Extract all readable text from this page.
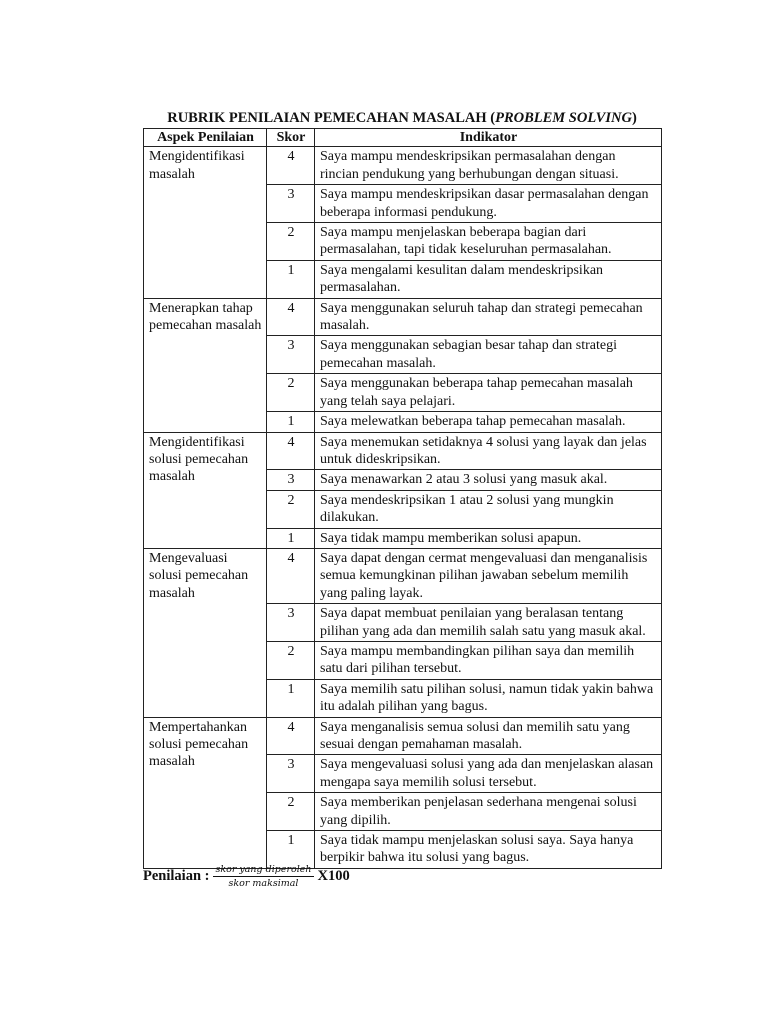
RUBRIK PENILAIAN PEMECAHAN MASALAH (PROBLEM SOLVING)
Aspek Penilaian	Skor	Indikator
Mengidentifikasi masalah	4	Saya mampu mendeskripsikan permasalahan dengan rincian pendukung yang berhubungan dengan situasi.
	3	Saya mampu mendeskripsikan dasar permasalahan dengan beberapa informasi pendukung.
	2	Saya mampu menjelaskan beberapa bagian dari permasalahan, tapi tidak keseluruhan permasalahan.
	1	Saya mengalami kesulitan dalam mendeskripsikan permasalahan.
Menerapkan tahap pemecahan masalah	4	Saya menggunakan seluruh tahap dan strategi pemecahan masalah.
	3	Saya menggunakan sebagian besar tahap dan strategi pemecahan masalah.
	2	Saya menggunakan beberapa tahap pemecahan masalah yang telah saya pelajari.
	1	Saya melewatkan beberapa tahap pemecahan masalah.
Mengidentifikasi solusi pemecahan masalah	4	Saya menemukan setidaknya 4 solusi yang layak dan jelas untuk dideskripsikan.
	3	Saya menawarkan 2 atau 3 solusi yang masuk akal.
	2	Saya mendeskripsikan 1 atau 2 solusi yang mungkin dilakukan.
	1	Saya tidak mampu memberikan solusi apapun.
Mengevaluasi solusi pemecahan masalah	4	Saya dapat dengan cermat mengevaluasi dan menganalisis semua kemungkinan pilihan jawaban sebelum memilih yang paling layak.
	3	Saya dapat membuat penilaian yang beralasan tentang pilihan yang ada dan memilih salah satu yang masuk akal.
	2	Saya mampu membandingkan pilihan saya dan memilih satu dari pilihan tersebut.
	1	Saya memilih satu pilihan solusi, namun tidak yakin bahwa itu adalah pilihan yang bagus.
Mempertahankan solusi pemecahan masalah	4	Saya menganalisis semua solusi dan memilih satu yang sesuai dengan pemahaman masalah.
	3	Saya mengevaluasi solusi yang ada dan menjelaskan alasan mengapa saya memilih solusi tersebut.
	2	Saya memberikan penjelasan sederhana mengenai solusi yang dipilih.
	1	Saya tidak mampu menjelaskan solusi saya. Saya hanya berpikir bahwa itu solusi yang bagus.
Penilaian : $\frac{\text{skor yang diperoleh}}{\text{skor maksimal}} X100$
